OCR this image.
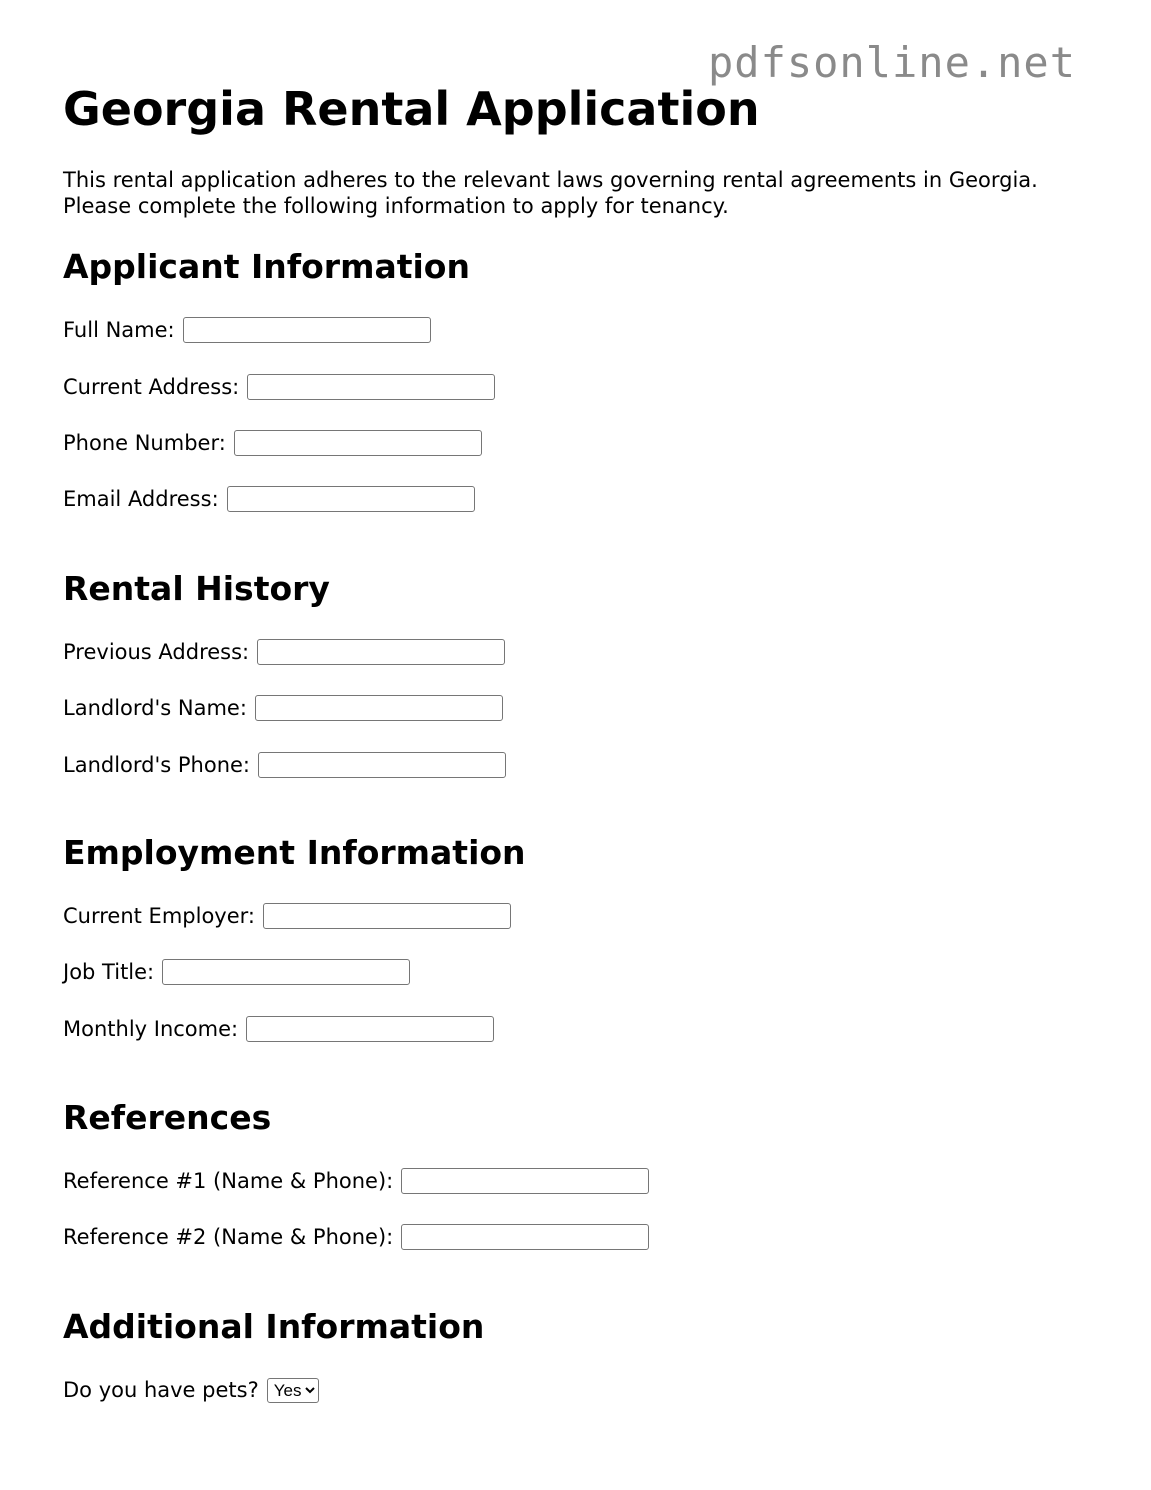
pdfsonline.net
Georgia Rental Application

This rental application adheres to the relevant laws governing rental agreements in Georgia. Please complete the following information to apply for tenancy.

Applicant Information
Full Name:
Current Address:
Phone Number:
Email Address:
Rental History
Previous Address:
Landlord's Name:
Landlord's Phone:
Employment Information
Current Employer:
Job Title:
Monthly Income:
References
Reference #1 (Name & Phone):
Reference #2 (Name & Phone):
Additional Information
Do you have pets?
Yes
